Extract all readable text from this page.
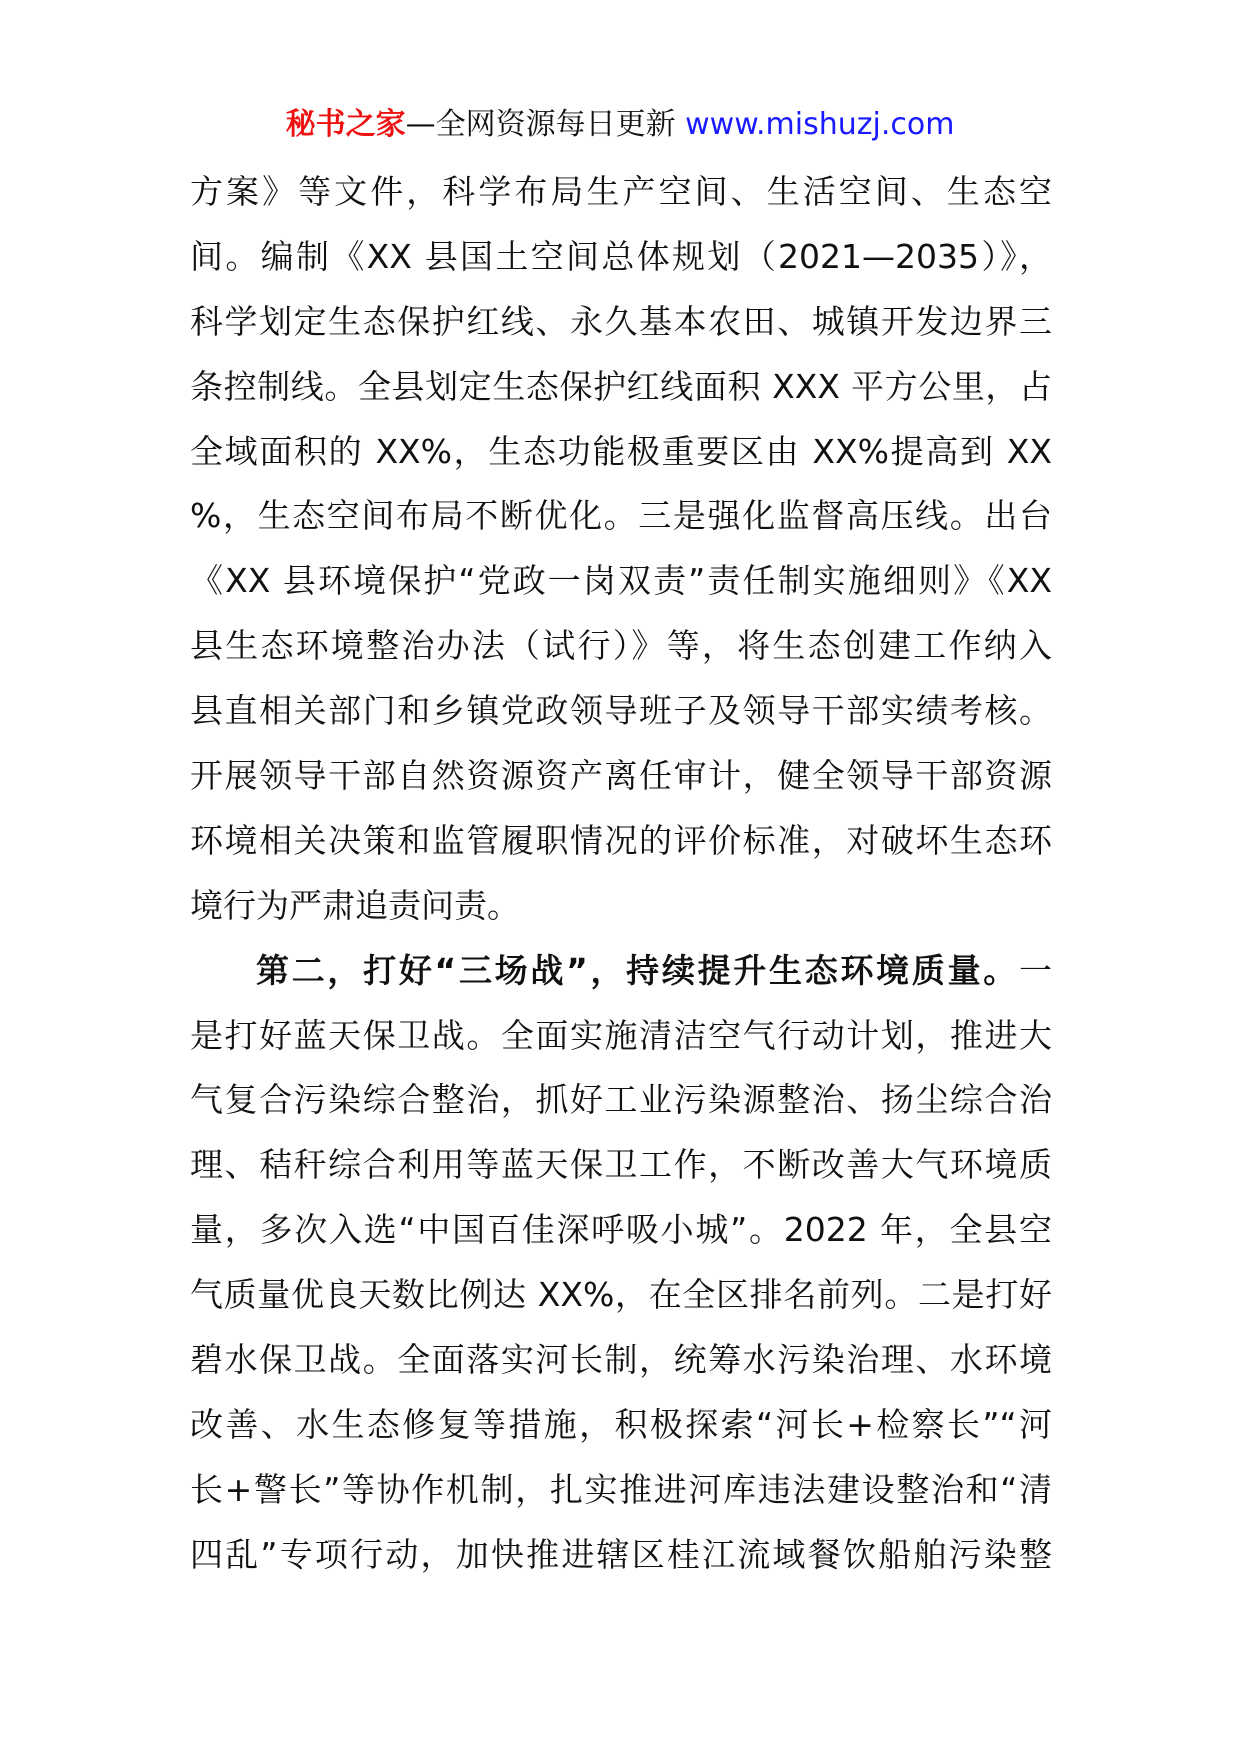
秘书之家—全网资源每日更新 www.mishuzj.com
方案》等文件，科学布局生产空间、生活空间、生态空
间。编制《XX 县国土空间总体规划（2021—2035）》，
科学划定生态保护红线、永久基本农田、城镇开发边界三
条控制线。全县划定生态保护红线面积 XXX 平方公里，占
全域面积的 XX%，生态功能极重要区由 XX%提高到 XX
%，生态空间布局不断优化。三是强化监督高压线。出台
《XX 县环境保护“党政一岗双责”责任制实施细则》《XX
县生态环境整治办法（试行）》等，将生态创建工作纳入
县直相关部门和乡镇党政领导班子及领导干部实绩考核。
开展领导干部自然资源资产离任审计，健全领导干部资源
环境相关决策和监管履职情况的评价标准，对破坏生态环
境行为严肃追责问责。
第二，打好“三场战”，持续提升生态环境质量。一
是打好蓝天保卫战。全面实施清洁空气行动计划，推进大
气复合污染综合整治，抓好工业污染源整治、扬尘综合治
理、秸秆综合利用等蓝天保卫工作，不断改善大气环境质
量，多次入选“中国百佳深呼吸小城”。2022 年，全县空
气质量优良天数比例达 XX%，在全区排名前列。二是打好
碧水保卫战。全面落实河长制，统筹水污染治理、水环境
改善、水生态修复等措施，积极探索“河长+检察长”“河
长+警长”等协作机制，扎实推进河库违法建设整治和“清
四乱”专项行动，加快推进辖区桂江流域餐饮船舶污染整
